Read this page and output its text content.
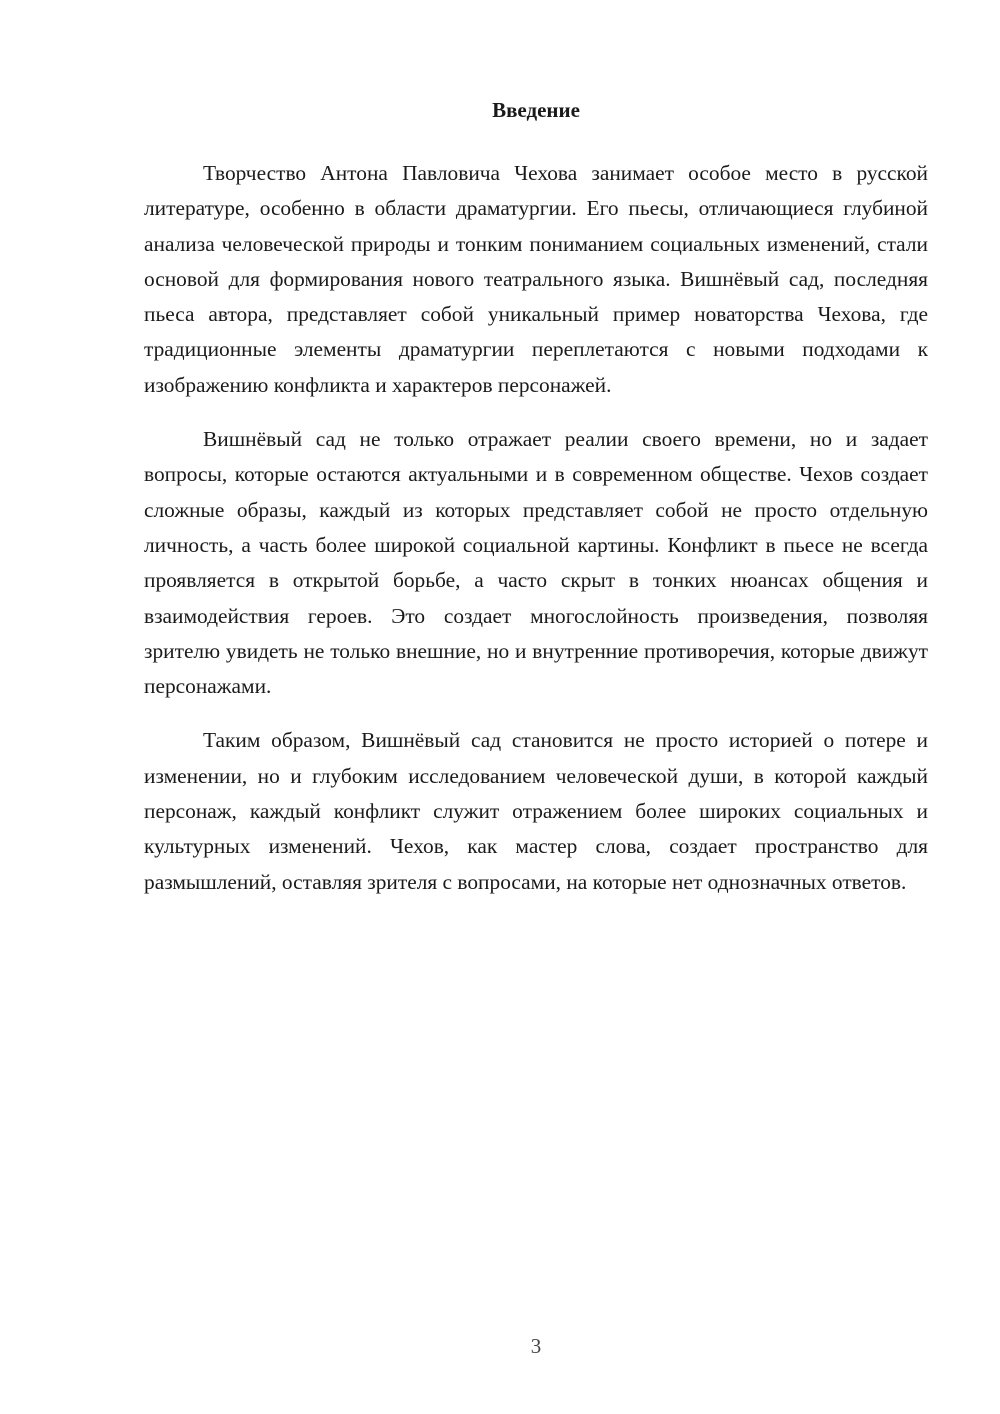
Введение

Творчество Антона Павловича Чехова занимает особое место в русской литературе, особенно в области драматургии. Его пьесы, отличающиеся глубиной анализа человеческой природы и тонким пониманием социальных изменений, стали основой для формирования нового театрального языка. Вишнёвый сад, последняя пьеса автора, представляет собой уникальный пример новаторства Чехова, где традиционные элементы драматургии переплетаются с новыми подходами к изображению конфликта и характеров персонажей.

Вишнёвый сад не только отражает реалии своего времени, но и задает вопросы, которые остаются актуальными и в современном обществе. Чехов создает сложные образы, каждый из которых представляет собой не просто отдельную личность, а часть более широкой социальной картины. Конфликт в пьесе не всегда проявляется в открытой борьбе, а часто скрыт в тонких нюансах общения и взаимодействия героев. Это создает многослойность произведения, позволяя зрителю увидеть не только внешние, но и внутренние противоречия, которые движут персонажами.

Таким образом, Вишнёвый сад становится не просто историей о потере и изменении, но и глубоким исследованием человеческой души, в которой каждый персонаж, каждый конфликт служит отражением более широких социальных и культурных изменений. Чехов, как мастер слова, создает пространство для размышлений, оставляя зрителя с вопросами, на которые нет однозначных ответов.

3
